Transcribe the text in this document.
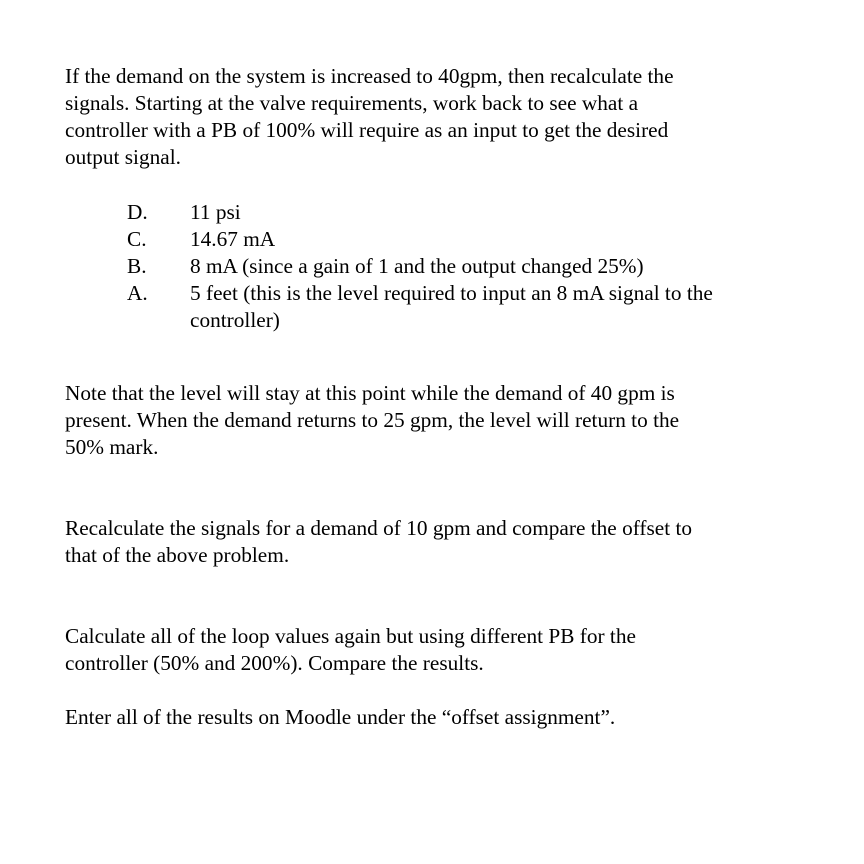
If the demand on the system is increased to 40gpm, then recalculate the
signals. Starting at the valve requirements, work back to see what a
controller with a PB of 100% will require as an input to get the desired
output signal.

D. 11 psi
C. 14.67 mA
B. 8 mA (since a gain of 1 and the output changed 25%)
A. 5 feet (this is the level required to input an 8 mA signal to the
controller)

Note that the level will stay at this point while the demand of 40 gpm is
present. When the demand returns to 25 gpm, the level will return to the
50% mark.

Recalculate the signals for a demand of 10 gpm and compare the offset to
that of the above problem.

Calculate all of the loop values again but using different PB for the
controller (50% and 200%). Compare the results.

Enter all of the results on Moodle under the “offset assignment”.
